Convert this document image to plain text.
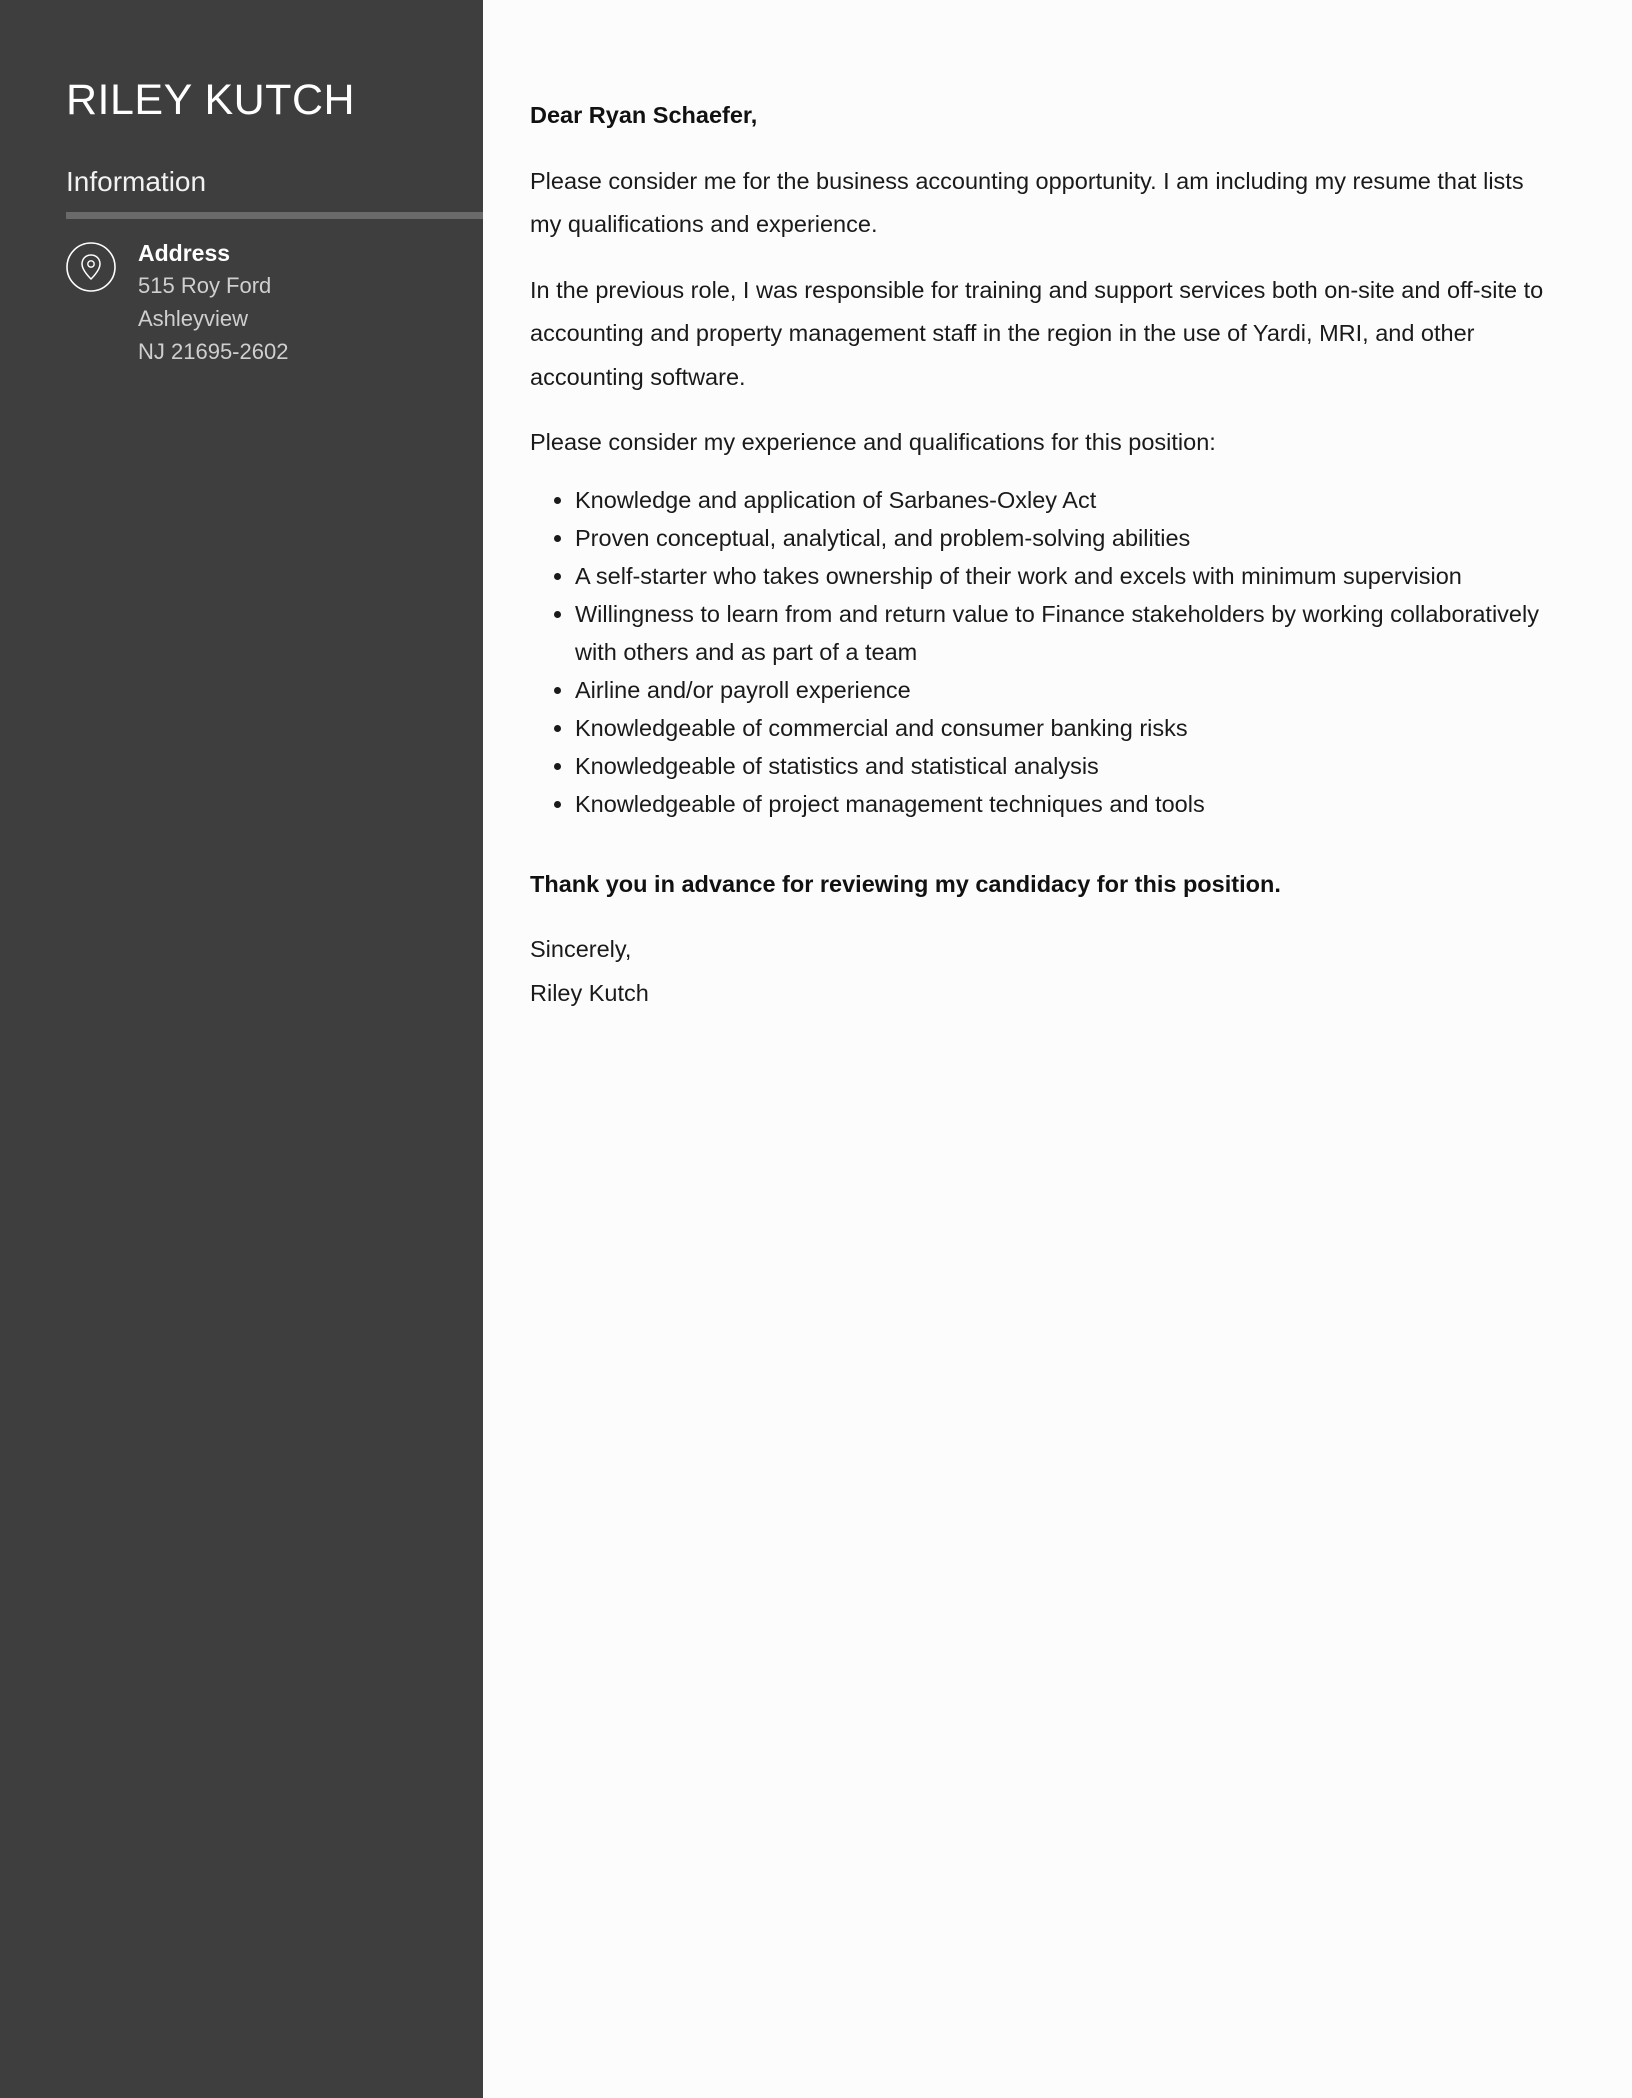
RILEY KUTCH
Information
Address
515 Roy Ford
Ashleyview
NJ 21695-2602

Dear Ryan Schaefer,

Please consider me for the business accounting opportunity. I am including my resume that lists my qualifications and experience.

In the previous role, I was responsible for training and support services both on-site and off-site to accounting and property management staff in the region in the use of Yardi, MRI, and other accounting software.

Please consider my experience and qualifications for this position:

• Knowledge and application of Sarbanes-Oxley Act
• Proven conceptual, analytical, and problem-solving abilities
• A self-starter who takes ownership of their work and excels with minimum supervision
• Willingness to learn from and return value to Finance stakeholders by working collaboratively with others and as part of a team
• Airline and/or payroll experience
• Knowledgeable of commercial and consumer banking risks
• Knowledgeable of statistics and statistical analysis
• Knowledgeable of project management techniques and tools

Thank you in advance for reviewing my candidacy for this position.

Sincerely,
Riley Kutch
